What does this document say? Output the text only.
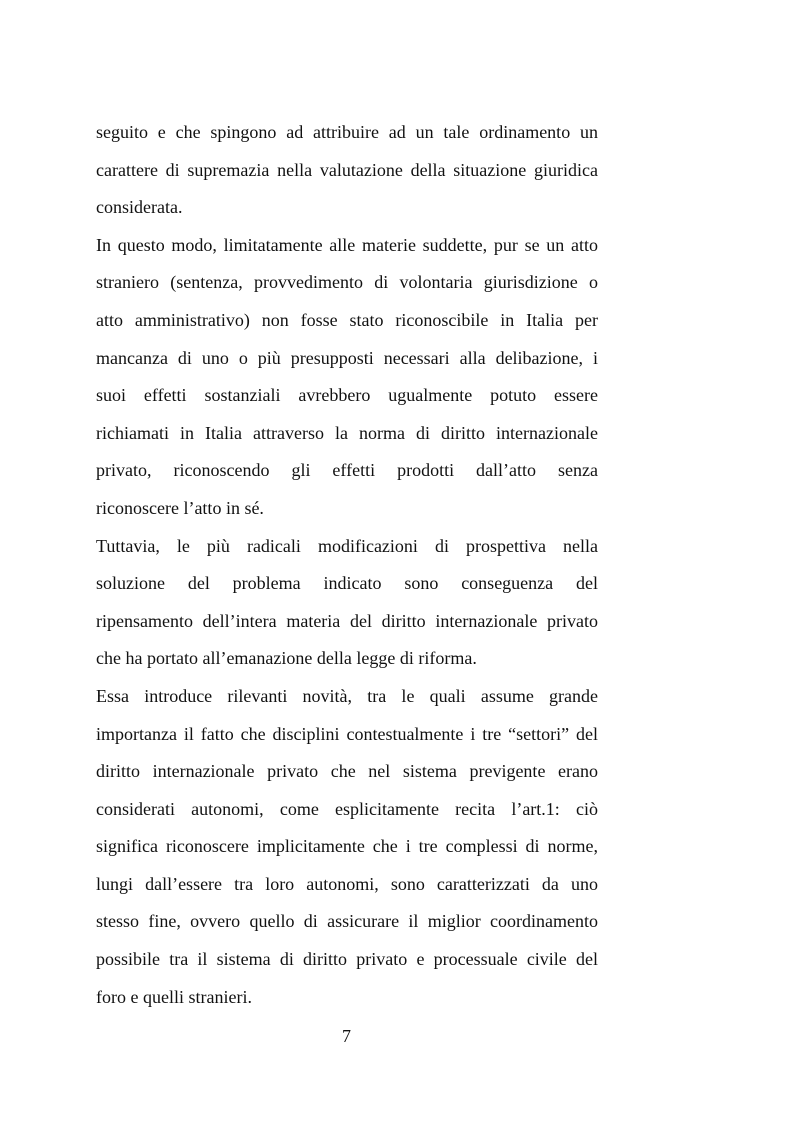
seguito e che spingono ad attribuire ad un tale ordinamento un
carattere di supremazia nella valutazione della situazione giuridica
considerata.
In questo modo, limitatamente alle materie suddette, pur se un atto
straniero (sentenza, provvedimento di volontaria giurisdizione o
atto amministrativo) non fosse stato riconoscibile in Italia per
mancanza di uno o più presupposti necessari alla delibazione, i
suoi effetti sostanziali avrebbero ugualmente potuto essere
richiamati in Italia attraverso la norma di diritto internazionale
privato, riconoscendo gli effetti prodotti dall’atto senza
riconoscere l’atto in sé.
Tuttavia, le più radicali modificazioni di prospettiva nella
soluzione del problema indicato sono conseguenza del
ripensamento dell’intera materia del diritto internazionale privato
che ha portato all’emanazione della legge di riforma.
Essa introduce rilevanti novità, tra le quali assume grande
importanza il fatto che disciplini contestualmente i tre “settori” del
diritto internazionale privato che nel sistema previgente erano
considerati autonomi, come esplicitamente recita l’art.1: ciò
significa riconoscere implicitamente che i tre complessi di norme,
lungi dall’essere tra loro autonomi, sono caratterizzati da uno
stesso fine, ovvero quello di assicurare il miglior coordinamento
possibile tra il sistema di diritto privato e processuale civile del
foro e quelli stranieri.
7
